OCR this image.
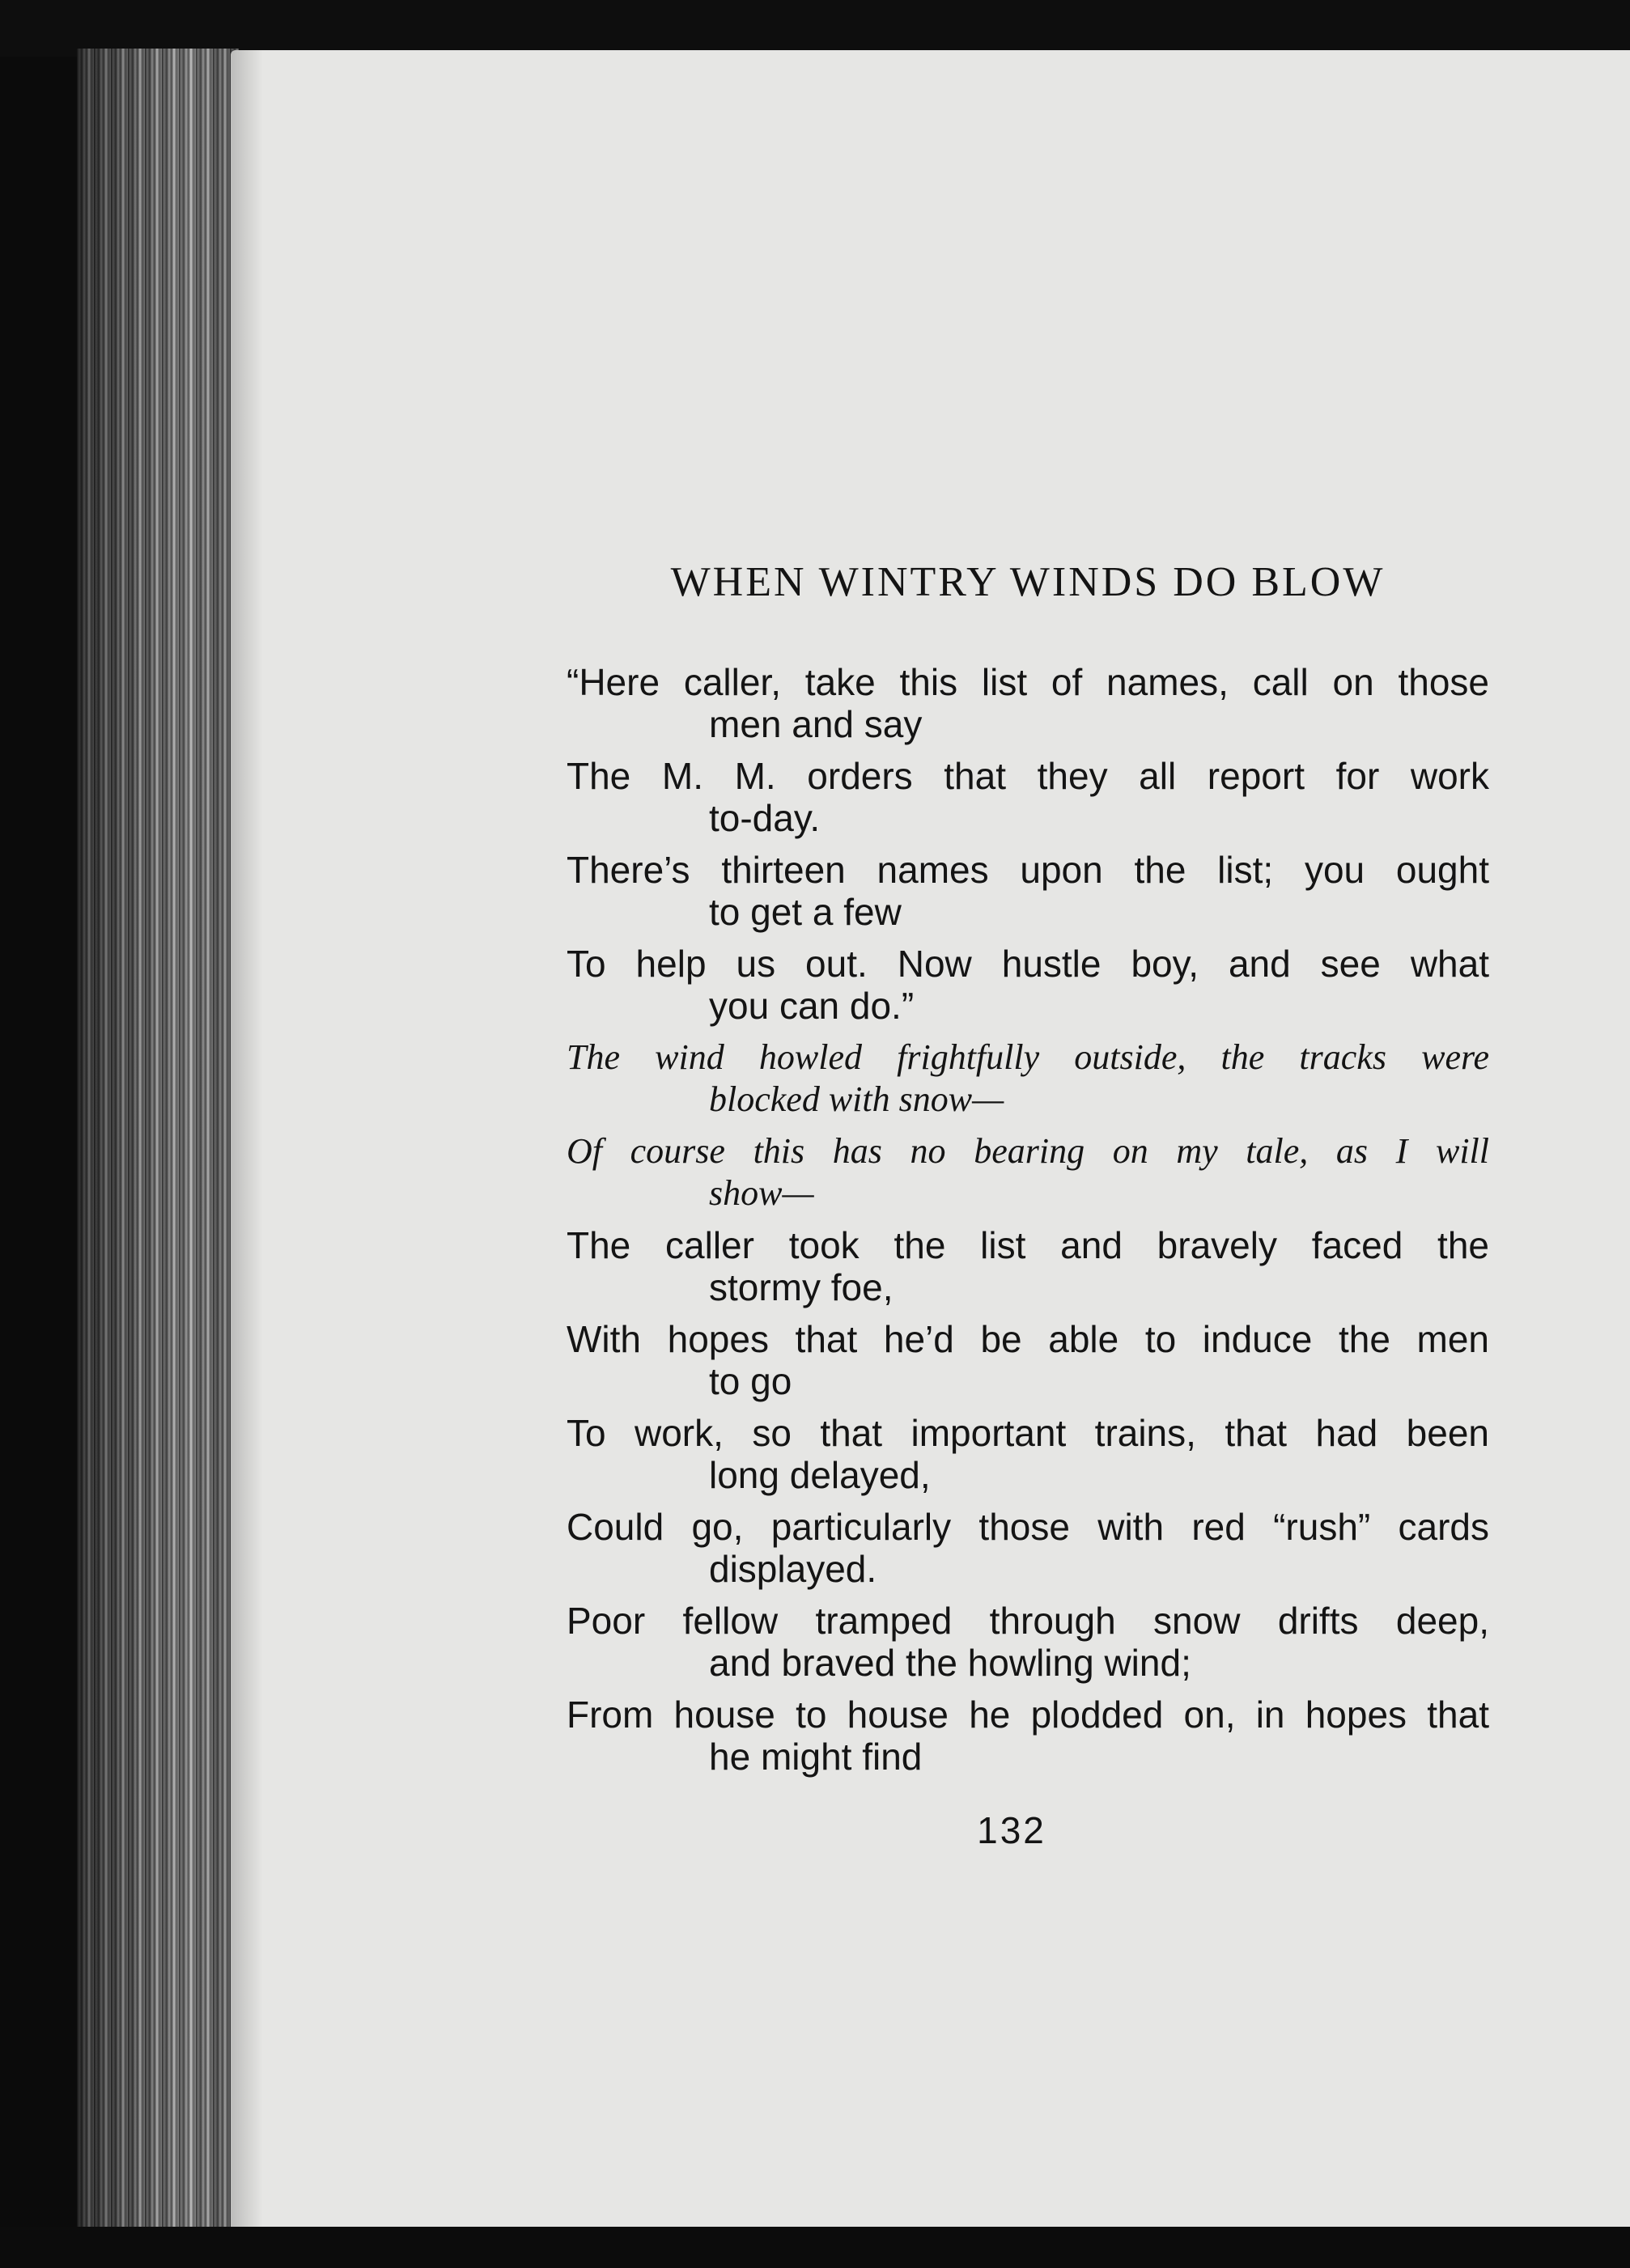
WHEN WINTRY WINDS DO BLOW

“Here caller, take this list of names, call on those
men and say

The M. M. orders that they all report for work
to-day.

There’s thirteen names upon the list; you ought
to get a few

To help us out. Now hustle boy, and see what
you can do.”

The wind howled frightfully outside, the tracks were
blocked with snow—

Of course this has no bearing on my tale, as I will
show—

The caller took the list and bravely faced the
stormy foe,

With hopes that he’d be able to induce the men
to go

To work, so that important trains, that had been
long delayed,

Could go, particularly those with red “rush” cards
displayed.

Poor fellow tramped through snow drifts deep,
and braved the howling wind;

From house to house he plodded on, in hopes that
he might find

132
